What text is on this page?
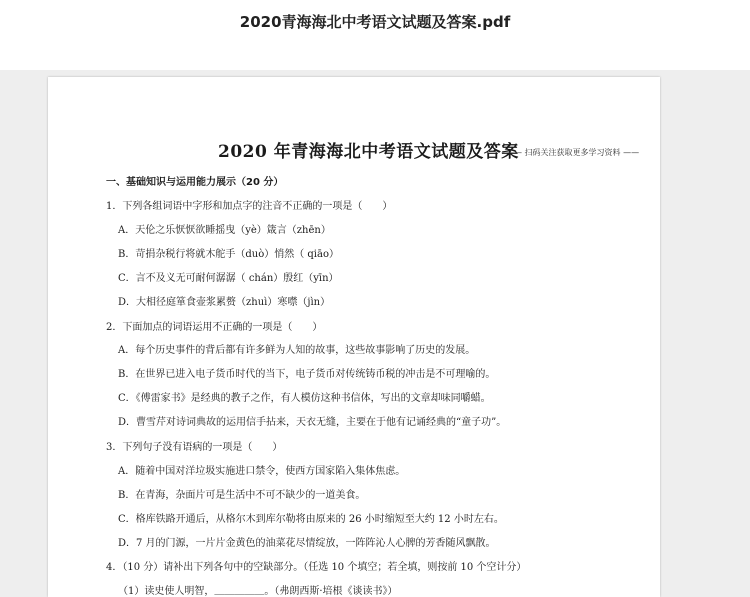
2020青海海北中考语文试题及答案.pdf
2020 年青海海北中考语文试题及答案
—— 扫码关注获取更多学习资料 ——
一、基础知识与运用能力展示（20 分）
1．下列各组词语中字形和加点字的注音不正确的一项是（　　）
A．天伦之乐恹恹欲睡摇曳（yè）箴言（zhēn）
B．苛捐杂税行将就木舵手（duò）悄然（ qiāo）
C．言不及义无可耐何潺潺（ chán）殷红（yīn）
D．大相径庭箪食壶浆累赘（zhuì）寒噤（jìn）
2．下面加点的词语运用不正确的一项是（　　）
A．每个历史事件的背后都有许多鲜为人知的故事，这些故事影响了历史的发展。
B．在世界已进入电子货币时代的当下，电子货币对传统铸币税的冲击是不可理喻的。
C．《傅雷家书》是经典的教子之作，有人模仿这种书信体，写出的文章却味同嚼蜡。
D．曹雪芹对诗词典故的运用信手拈来，天衣无缝，主要在于他有记诵经典的“童子功”。
3．下列句子没有语病的一项是（　　）
A．随着中国对洋垃圾实施进口禁令，使西方国家陷入集体焦虑。
B．在青海，杂面片可是生活中不可不缺少的一道美食。
C．格库铁路开通后，从格尔木到库尔勒将由原来的 26 小时缩短至大约 12 小时左右。
D．7 月的门源，一片片金黄色的油菜花尽情绽放，一阵阵沁人心脾的芳香随风飘散。
4．（10 分）请补出下列各句中的空缺部分。（任选 10 个填空；若全填，则按前 10 个空计分）
（1）读史使人明智，＿＿＿＿＿。（弗朗西斯·培根《谈读书》）
